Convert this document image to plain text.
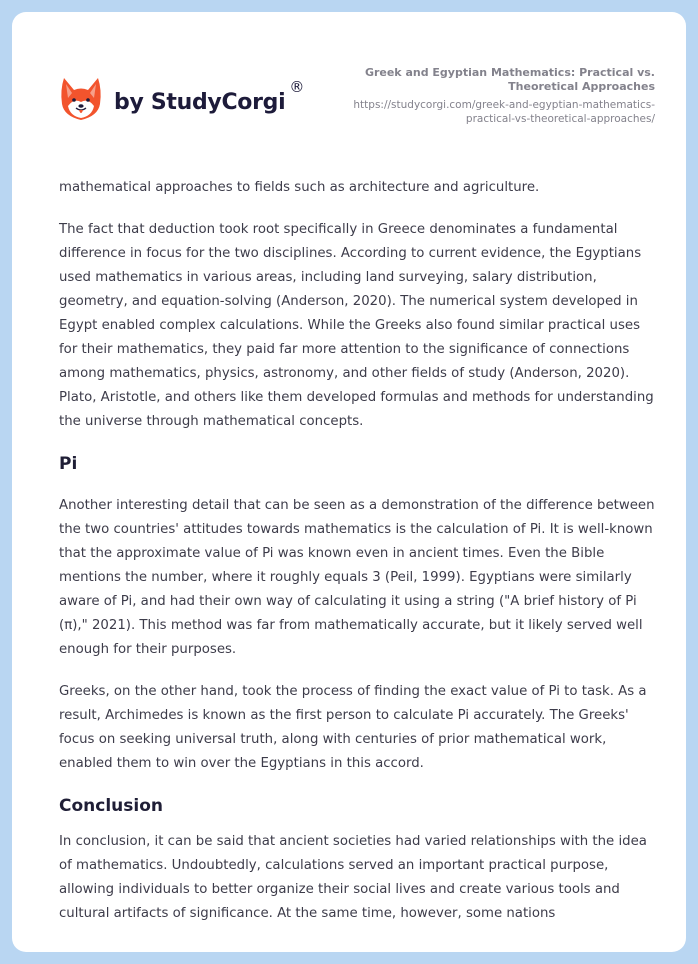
by StudyCorgi
®
Greek and Egyptian Mathematics: Practical vs. Theoretical Approaches
https://studycorgi.com/greek-and-egyptian-mathematics-practical-vs-theoretical-approaches/

mathematical approaches to fields such as architecture and agriculture.

The fact that deduction took root specifically in Greece denominates a fundamental difference in focus for the two disciplines. According to current evidence, the Egyptians used mathematics in various areas, including land surveying, salary distribution, geometry, and equation-solving (Anderson, 2020). The numerical system developed in Egypt enabled complex calculations. While the Greeks also found similar practical uses for their mathematics, they paid far more attention to the significance of connections among mathematics, physics, astronomy, and other fields of study (Anderson, 2020). Plato, Aristotle, and others like them developed formulas and methods for understanding the universe through mathematical concepts.

Pi

Another interesting detail that can be seen as a demonstration of the difference between the two countries' attitudes towards mathematics is the calculation of Pi. It is well-known that the approximate value of Pi was known even in ancient times. Even the Bible mentions the number, where it roughly equals 3 (Peil, 1999). Egyptians were similarly aware of Pi, and had their own way of calculating it using a string ("A brief history of Pi (π)," 2021). This method was far from mathematically accurate, but it likely served well enough for their purposes.

Greeks, on the other hand, took the process of finding the exact value of Pi to task. As a result, Archimedes is known as the first person to calculate Pi accurately. The Greeks' focus on seeking universal truth, along with centuries of prior mathematical work, enabled them to win over the Egyptians in this accord.

Conclusion

In conclusion, it can be said that ancient societies had varied relationships with the idea of mathematics. Undoubtedly, calculations served an important practical purpose, allowing individuals to better organize their social lives and create various tools and cultural artifacts of significance. At the same time, however, some nations
